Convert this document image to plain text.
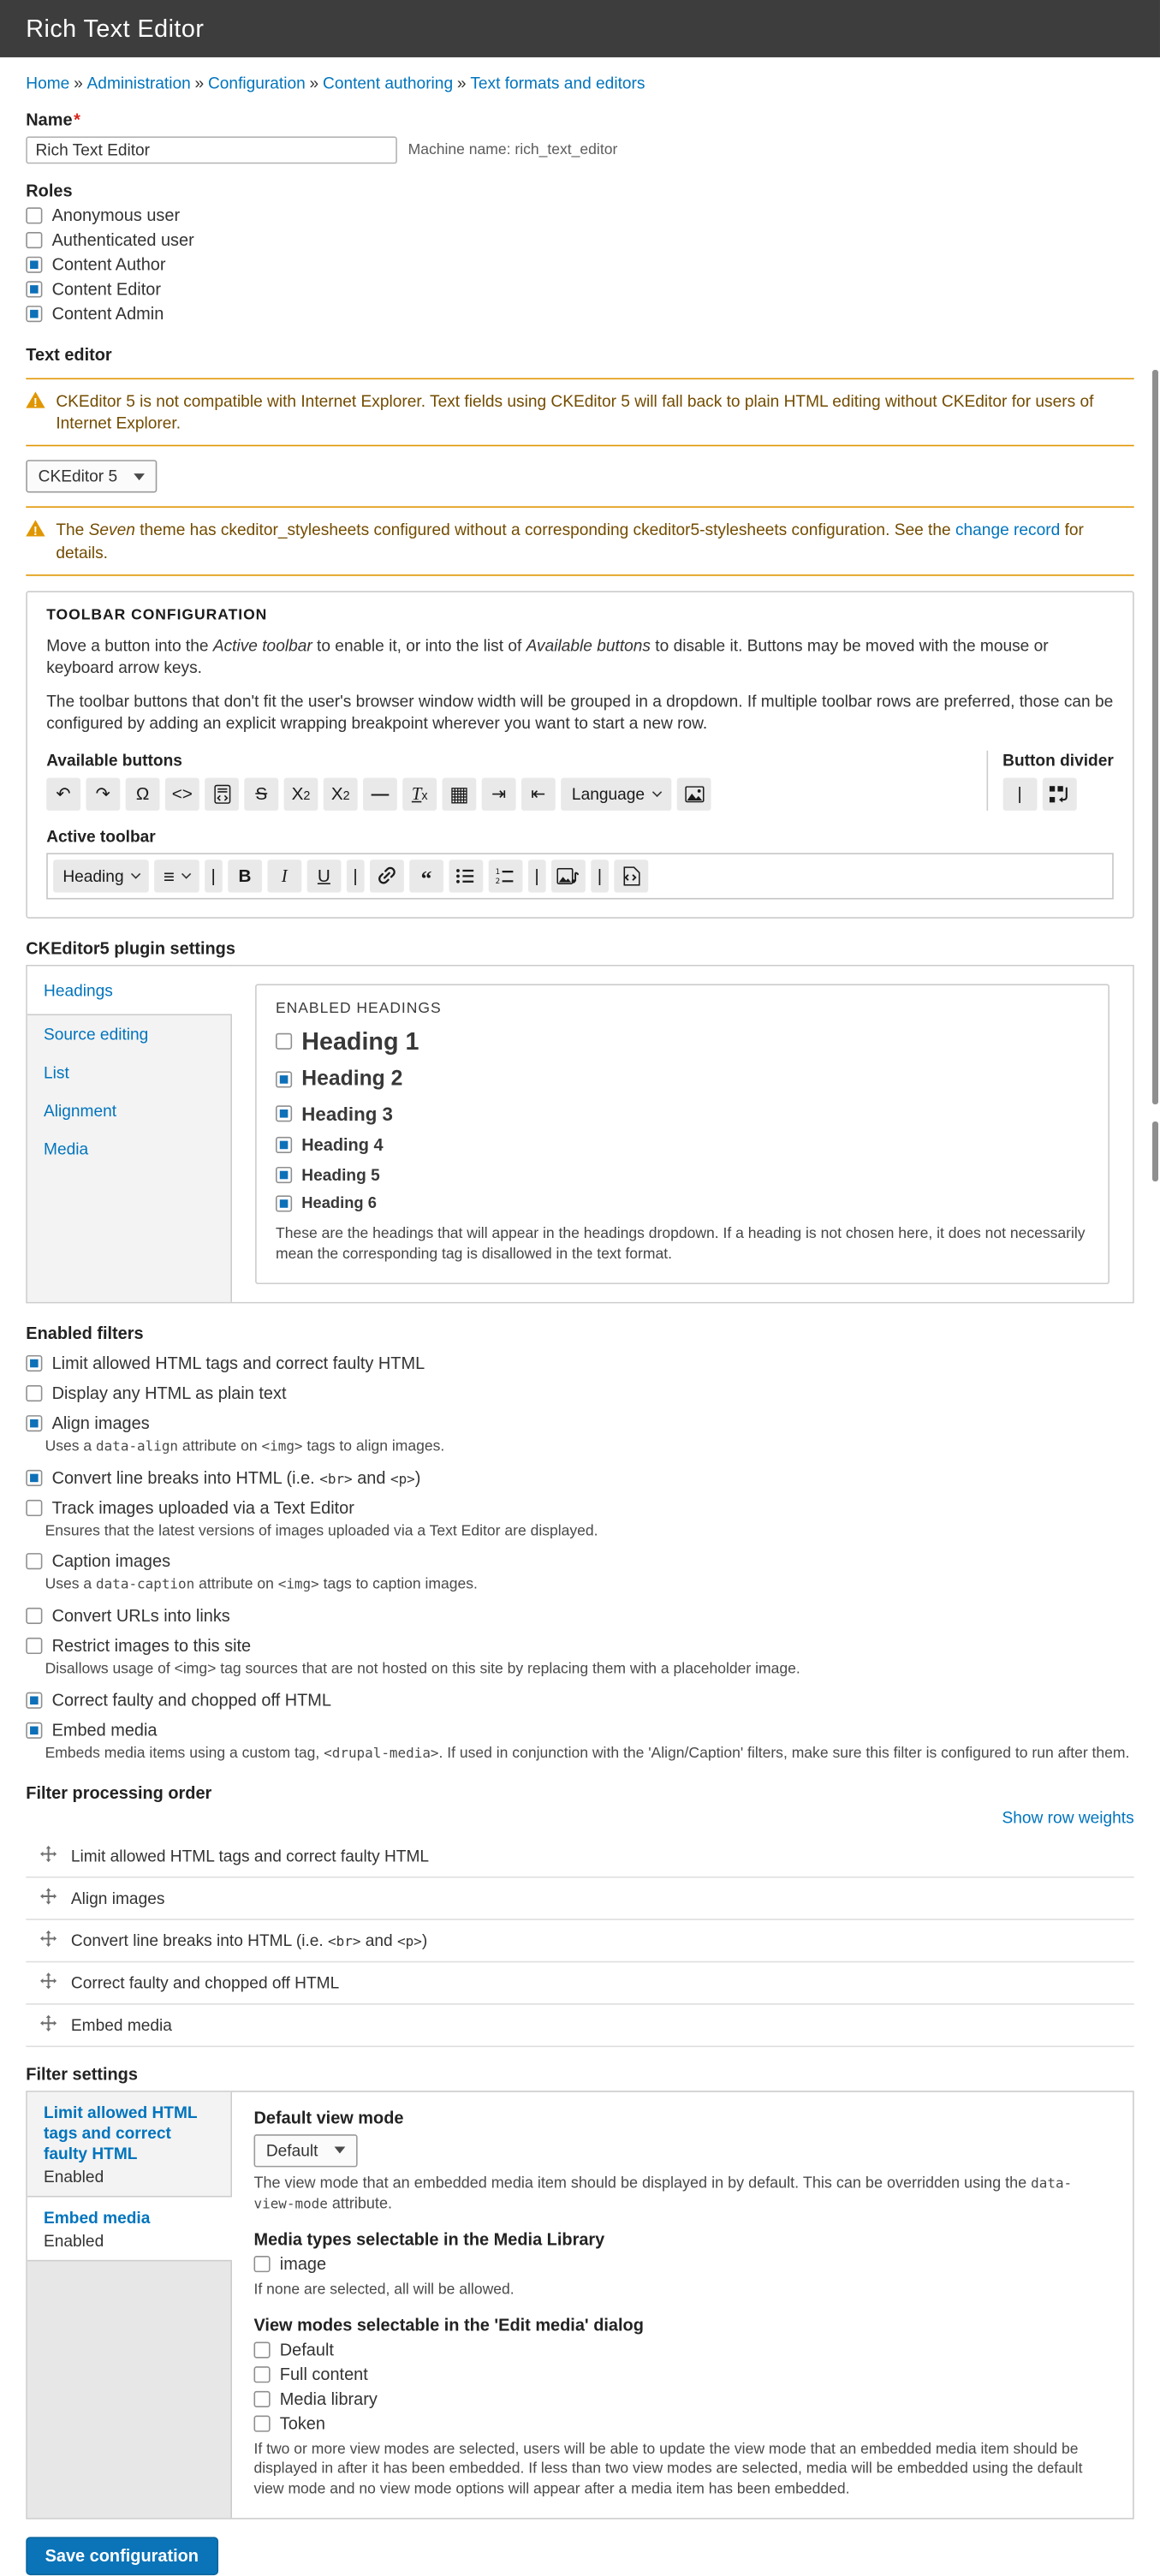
Rich Text Editor
Home » Administration » Configuration » Content authoring » Text formats and editors
Name *
Rich Text Editor
Machine name: rich_text_editor
Roles
Anonymous user
Authenticated user
Content Author
Content Editor
Content Admin
Text editor
!
CKEditor 5 is not compatible with Internet Explorer. Text fields using CKEditor 5 will fall back to plain HTML editing without CKEditor for users of Internet Explorer.
CKEditor 5
!
The Seven theme has ckeditor_stylesheets configured without a corresponding ckeditor5-stylesheets configuration. See the change record for details.
TOOLBAR CONFIGURATION
Move a button into the Active toolbar to enable it, or into the list of Available buttons to disable it. Buttons may be moved with the mouse or keyboard arrow keys.
The toolbar buttons that don't fit the user's browser window width will be grouped in a dropdown. If multiple toolbar rows are preferred, those can be configured by adding an explicit wrapping breakpoint wherever you want to start a new row.
Available buttons
↶ ↷ Ω <>	S X2 X2 — Tx ▦ ⇥ ⇤	Language
Button divider
|
Active toolbar
Heading	≡	| B	I	U |	“	1
2	|	|
CKEditor5 plugin settings
Headings
Source editing
List
Alignment
Media
ENABLED HEADINGS
Heading 1
Heading 2
Heading 3
Heading 4
Heading 5
Heading 6
These are the headings that will appear in the headings dropdown. If a heading is not chosen here, it does not necessarily mean the corresponding tag is disallowed in the text format.
Enabled filters
Limit allowed HTML tags and correct faulty HTML
Display any HTML as plain text
Align images
Uses a data-align attribute on <img> tags to align images.
Convert line breaks into HTML (i.e. <br> and <p>)
Track images uploaded via a Text Editor
Ensures that the latest versions of images uploaded via a Text Editor are displayed.
Caption images
Uses a data-caption attribute on <img> tags to caption images.
Convert URLs into links
Restrict images to this site
Disallows usage of <img> tag sources that are not hosted on this site by replacing them with a placeholder image.
Correct faulty and chopped off HTML
Embed media
Embeds media items using a custom tag, <drupal-media>. If used in conjunction with the 'Align/Caption' filters, make sure this filter is configured to run after them.
Filter processing order
Show row weights
Limit allowed HTML tags and correct faulty HTML
Align images
Convert line breaks into HTML (i.e. <br> and <p>)
Correct faulty and chopped off HTML
Embed media
Filter settings
Limit allowed HTML tags and correct faulty HTML
Enabled
Embed media
Enabled
Default view mode
Default
The view mode that an embedded media item should be displayed in by default. This can be overridden using the data-view-mode attribute.
Media types selectable in the Media Library
image
If none are selected, all will be allowed.
View modes selectable in the 'Edit media' dialog
Default
Full content
Media library
Token
If two or more view modes are selected, users will be able to update the view mode that an embedded media item should be displayed in after it has been embedded. If less than two view modes are selected, media will be embedded using the default view mode and no view mode options will appear after a media item has been embedded.
Save configuration
